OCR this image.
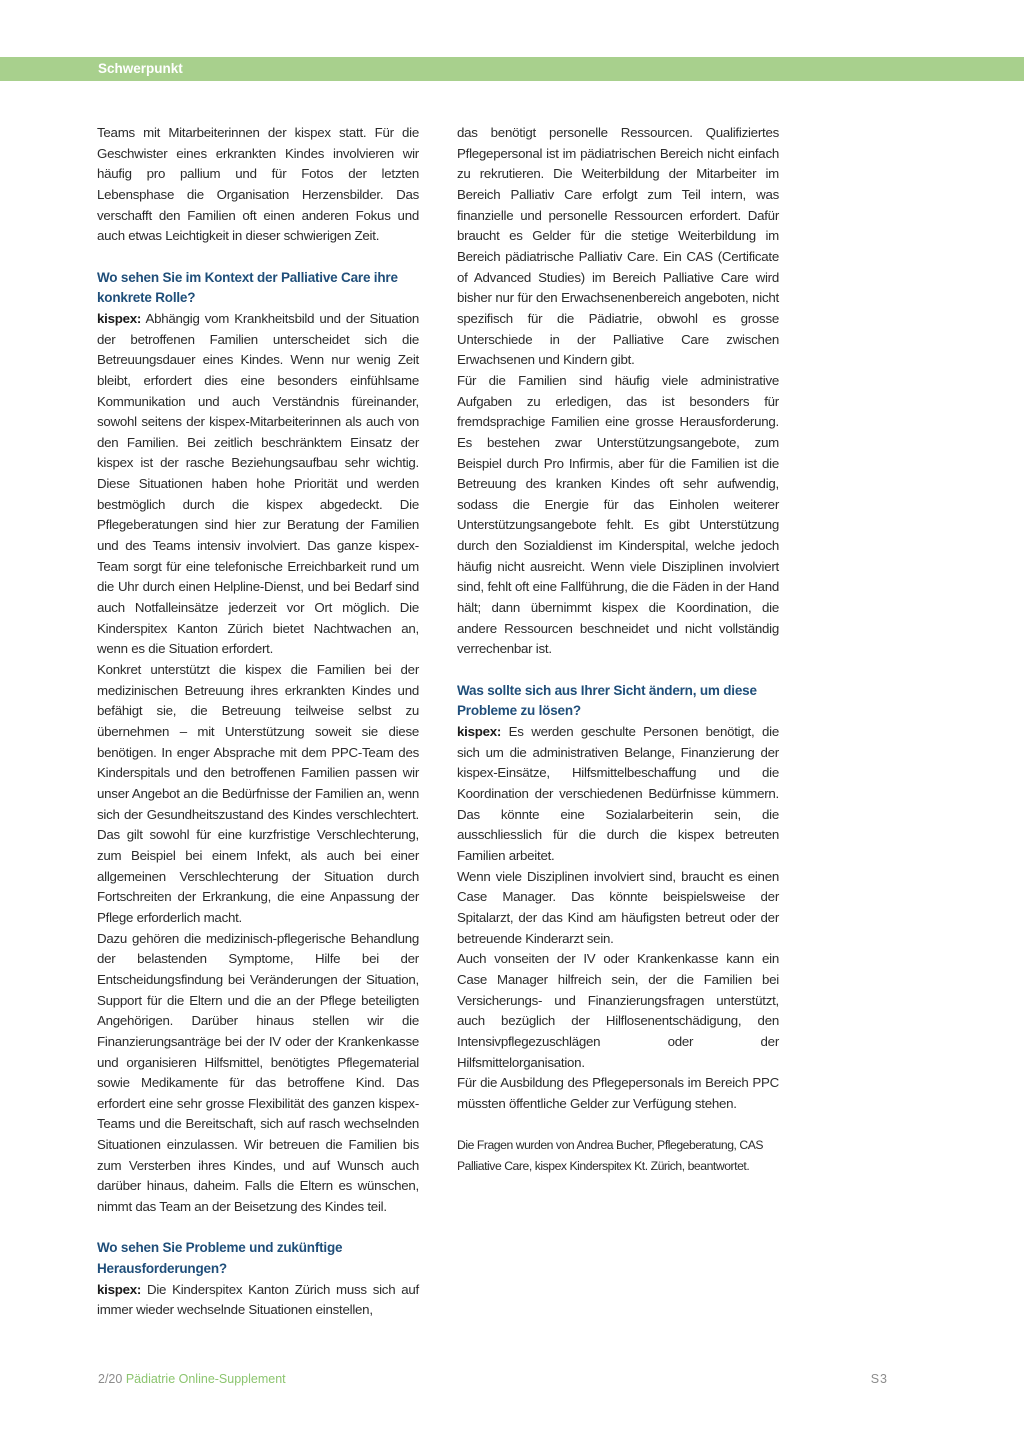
Schwerpunkt

Teams mit Mitarbeiterinnen der kispex statt. Für die Geschwister eines erkrankten Kindes involvieren wir häufig pro pallium und für Fotos der letzten Lebensphase die Organisation Herzensbilder. Das verschafft den Familien oft einen anderen Fokus und auch etwas Leichtigkeit in dieser schwierigen Zeit.

Wo sehen Sie im Kontext der Palliative Care ihre konkrete Rolle?

kispex: Abhängig vom Krankheitsbild und der Situation der betroffenen Familien unterscheidet sich die Betreuungsdauer eines Kindes. Wenn nur wenig Zeit bleibt, erfordert dies eine besonders einfühlsame Kommunikation und auch Verständnis füreinander, sowohl seitens der kispex-Mitarbeiterinnen als auch von den Familien. Bei zeitlich beschränktem Einsatz der kispex ist der rasche Beziehungsaufbau sehr wichtig. Diese Situationen haben hohe Priorität und werden bestmöglich durch die kispex abgedeckt. Die Pflegeberatungen sind hier zur Beratung der Familien und des Teams intensiv involviert. Das ganze kispex-Team sorgt für eine telefonische Erreichbarkeit rund um die Uhr durch einen Helpline-Dienst, und bei Bedarf sind auch Notfalleinsätze jederzeit vor Ort möglich. Die Kinderspitex Kanton Zürich bietet Nachtwachen an, wenn es die Situation erfordert.

Konkret unterstützt die kispex die Familien bei der medizinischen Betreuung ihres erkrankten Kindes und befähigt sie, die Betreuung teilweise selbst zu übernehmen – mit Unterstützung soweit sie diese benötigen. In enger Absprache mit dem PPC-Team des Kinderspitals und den betroffenen Familien passen wir unser Angebot an die Bedürfnisse der Familien an, wenn sich der Gesundheitszustand des Kindes verschlechtert. Das gilt sowohl für eine kurzfristige Verschlechterung, zum Beispiel bei einem Infekt, als auch bei einer allgemeinen Verschlechterung der Situation durch Fortschreiten der Erkrankung, die eine Anpassung der Pflege erforderlich macht.

Dazu gehören die medizinisch-pflegerische Behandlung der belastenden Symptome, Hilfe bei der Entscheidungsfindung bei Veränderungen der Situation, Support für die Eltern und die an der Pflege beteiligten Angehörigen. Darüber hinaus stellen wir die Finanzierungsanträge bei der IV oder der Krankenkasse und organisieren Hilfsmittel, benötigtes Pflegematerial sowie Medikamente für das betroffene Kind. Das erfordert eine sehr grosse Flexibilität des ganzen kispex-Teams und die Bereitschaft, sich auf rasch wechselnden Situationen einzulassen. Wir betreuen die Familien bis zum Versterben ihres Kindes, und auf Wunsch auch darüber hinaus, daheim. Falls die Eltern es wünschen, nimmt das Team an der Beisetzung des Kindes teil.

Wo sehen Sie Probleme und zukünftige Herausforderungen?

kispex: Die Kinderspitex Kanton Zürich muss sich auf immer wieder wechselnde Situationen einstellen,

das benötigt personelle Ressourcen. Qualifiziertes Pflegepersonal ist im pädiatrischen Bereich nicht einfach zu rekrutieren. Die Weiterbildung der Mitarbeiter im Bereich Palliativ Care erfolgt zum Teil intern, was finanzielle und personelle Ressourcen erfordert. Dafür braucht es Gelder für die stetige Weiterbildung im Bereich pädiatrische Palliativ Care. Ein CAS (Certificate of Advanced Studies) im Bereich Palliative Care wird bisher nur für den Erwachsenenbereich angeboten, nicht spezifisch für die Pädiatrie, obwohl es grosse Unterschiede in der Palliative Care zwischen Erwachsenen und Kindern gibt.

Für die Familien sind häufig viele administrative Aufgaben zu erledigen, das ist besonders für fremdsprachige Familien eine grosse Herausforderung. Es bestehen zwar Unterstützungsangebote, zum Beispiel durch Pro Infirmis, aber für die Familien ist die Betreuung des kranken Kindes oft sehr aufwendig, sodass die Energie für das Einholen weiterer Unterstützungsangebote fehlt. Es gibt Unterstützung durch den Sozialdienst im Kinderspital, welche jedoch häufig nicht ausreicht. Wenn viele Disziplinen involviert sind, fehlt oft eine Fallführung, die die Fäden in der Hand hält; dann übernimmt kispex die Koordination, die andere Ressourcen beschneidet und nicht vollständig verrechenbar ist.

Was sollte sich aus Ihrer Sicht ändern, um diese Probleme zu lösen?

kispex: Es werden geschulte Personen benötigt, die sich um die administrativen Belange, Finanzierung der kispex-Einsätze, Hilfsmittelbeschaffung und die Koordination der verschiedenen Bedürfnisse kümmern. Das könnte eine Sozialarbeiterin sein, die ausschliesslich für die durch die kispex betreuten Familien arbeitet.

Wenn viele Disziplinen involviert sind, braucht es einen Case Manager. Das könnte beispielsweise der Spitalarzt, der das Kind am häufigsten betreut oder der betreuende Kinderarzt sein.

Auch vonseiten der IV oder Krankenkasse kann ein Case Manager hilfreich sein, der die Familien bei Versicherungs- und Finanzierungsfragen unterstützt, auch bezüglich der Hilflosenentschädigung, den Intensivpflegezuschlägen oder der Hilfsmittelorganisation.

Für die Ausbildung des Pflegepersonals im Bereich PPC müssten öffentliche Gelder zur Verfügung stehen.

Die Fragen wurden von Andrea Bucher, Pflegeberatung, CAS Palliative Care, kispex Kinderspitex Kt. Zürich, beantwortet.

2/20 Pädiatrie Online-Supplement	S3
